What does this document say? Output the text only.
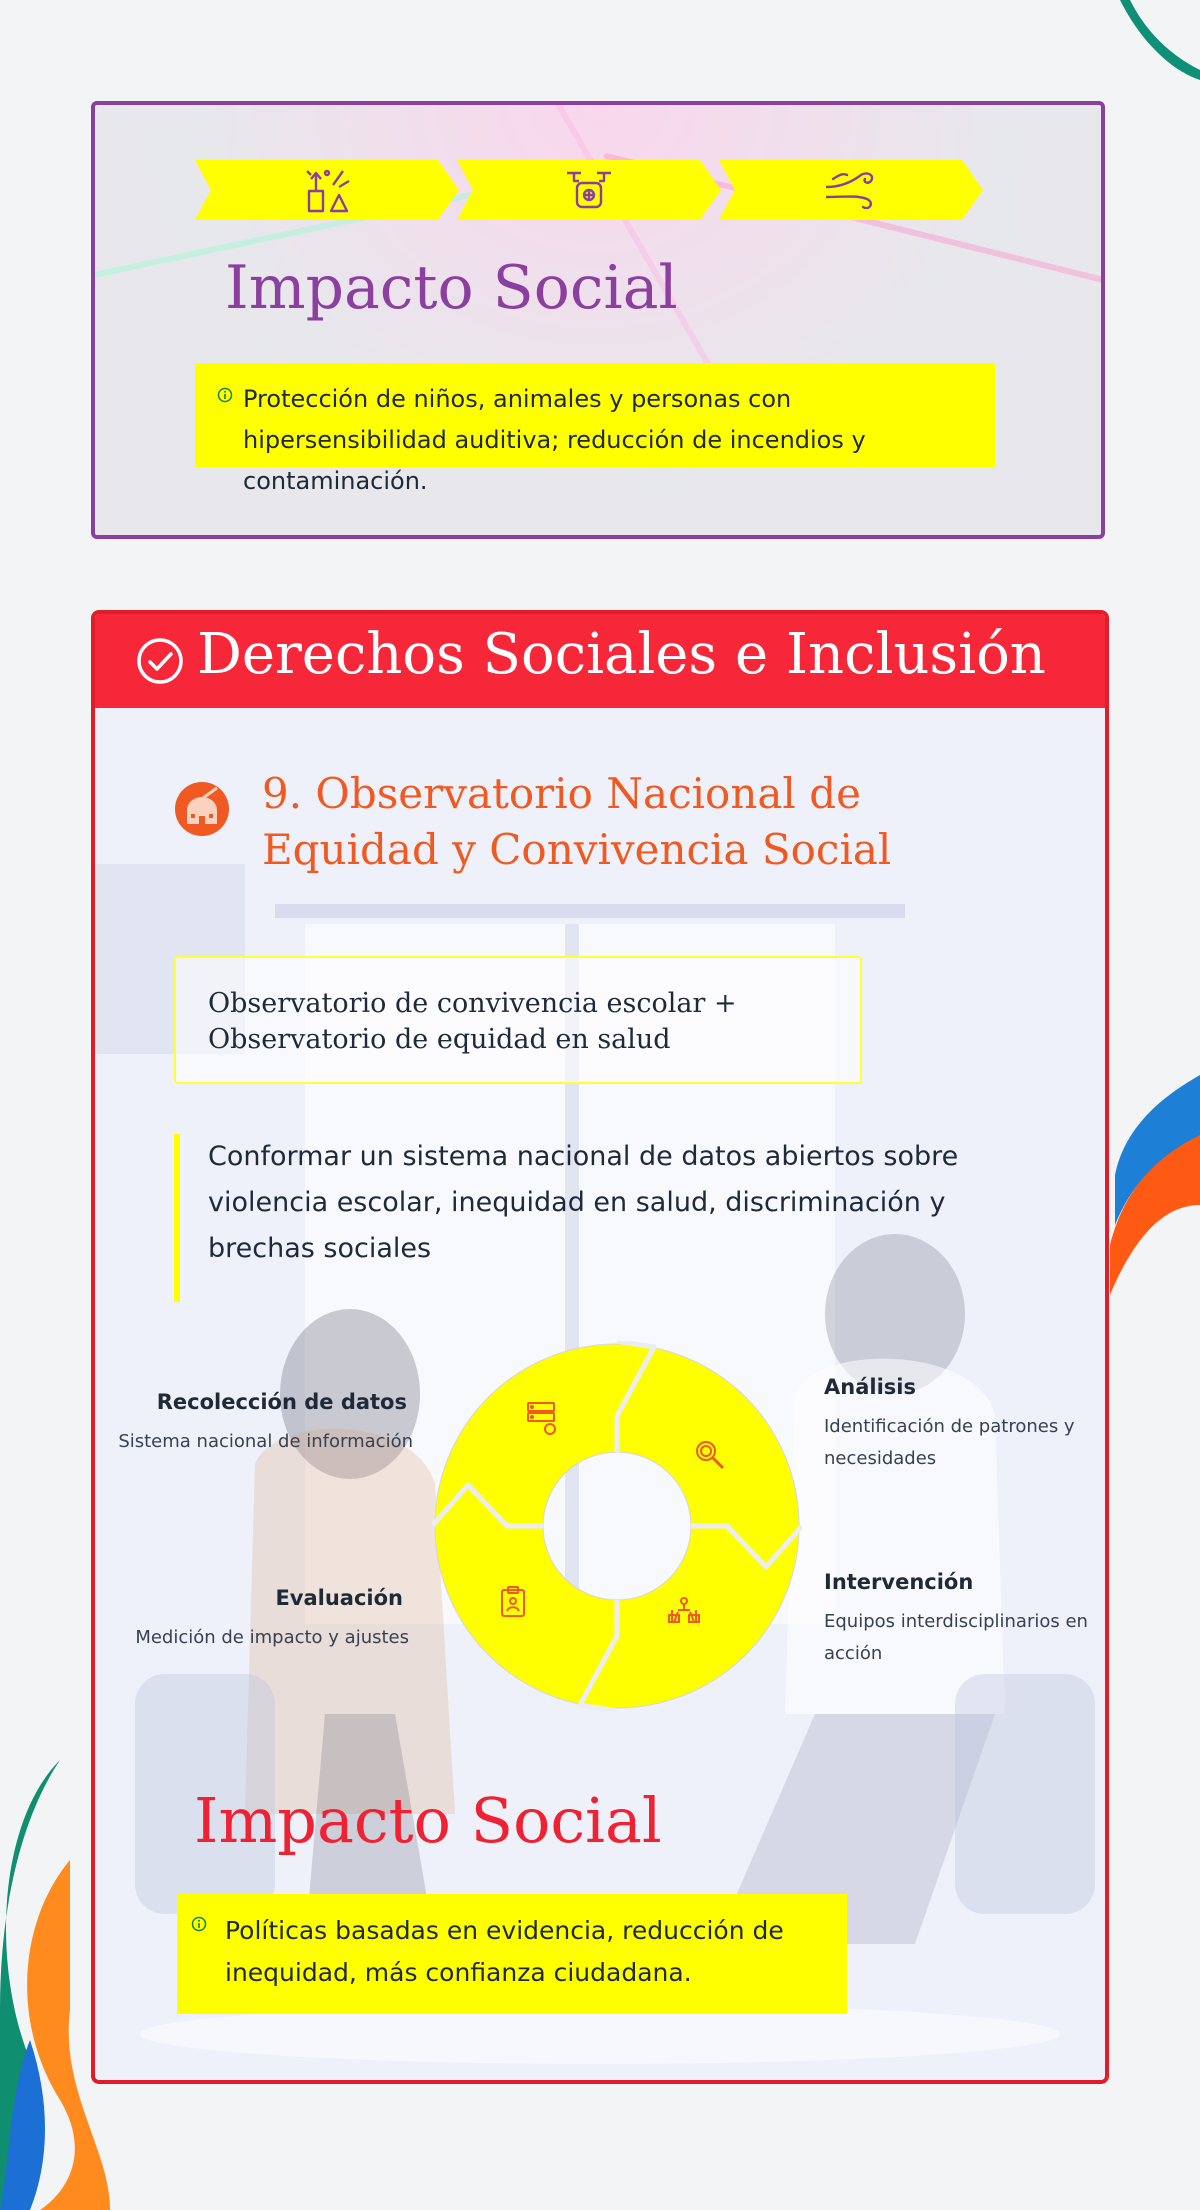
Impacto Social

Protección de niños, animales y personas con hipersensibilidad auditiva; reducción de incendios y contaminación.

Derechos Sociales e Inclusión
9. Observatorio Nacional de Equidad y Convivencia Social

Observatorio de convivencia escolar +

Observatorio de equidad en salud

Conformar un sistema nacional de datos abiertos sobre violencia escolar, inequidad en salud, discriminación y brechas sociales

Recolección de datos

Sistema nacional de información

Análisis

Identificación de patrones y necesidades

Intervención

Equipos interdisciplinarios en acción

Evaluación

Medición de impacto y ajustes

Impacto Social

Políticas basadas en evidencia, reducción de inequidad, más confianza ciudadana.
